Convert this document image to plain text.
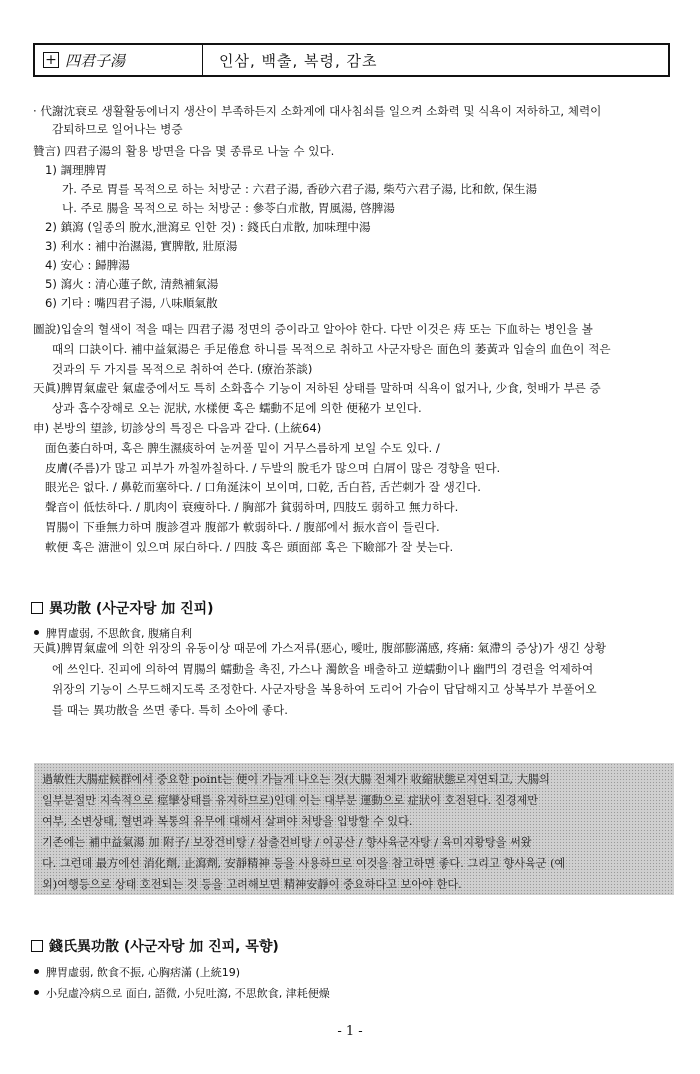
+ 四君子湯	인삼, 백출, 복령, 감초
· 代謝沈衰로 생활활동에너지 생산이 부족하든지 소화계에 대사침쇠를 일으켜 소화력 및 식욕이 저하하고, 체력이
감퇴하므로 일어나는 병증
贊言) 四君子湯의 활용 방면을 다음 몇 종류로 나눌 수 있다.
1) 調理脾胃
가. 주로 胃를 목적으로 하는 처방군 : 六君子湯, 香砂六君子湯, 柴芍六君子湯, 比和飲, 保生湯
나. 주로 腸을 목적으로 하는 처방군 : 參苓白朮散, 胃風湯, 啓脾湯
2) 鎮瀉 (일종의 脫水,泄瀉로 인한 것) : 錢氏白朮散, 加味理中湯
3) 利水 : 補中治濕湯, 實脾散, 壯原湯
4) 安心 : 歸脾湯
5) 瀉火 : 清心蓮子飲, 清熱補氣湯
6) 기타 : 嘴四君子湯, 八味順氣散
圖說)입술의 혈색이 적을 때는 四君子湯 정면의 증이라고 알아야 한다. 다만 이것은 痔 또는 下血하는 병인을 볼
때의 口訣이다. 補中益氣湯은 手足倦怠 하니를 목적으로 취하고 사군자탕은 面色의 萎黃과 입술의 血色이 적은
것과의 두 가지를 목적으로 취하여 쓴다. (療治茶談)
天眞)脾胃氣虛란 氣虛중에서도 특히 소화흡수 기능이 저하된 상태를 말하며 식욕이 없거나, 少食, 헛배가 부른 증
상과 흡수장해로 오는 泥狀, 水樣便 혹은 蠕動不足에 의한 便秘가 보인다.
申) 본방의 望診, 切診상의 특징은 다음과 같다. (上統64)
面色萎白하며, 혹은 脾生濕痰하여 눈꺼풀 밑이 거무스름하게 보일 수도 있다. /
皮膚(주름)가 많고 피부가 까칠까칠하다. / 두발의 脫毛가 많으며 白屑이 많은 경향을 띤다.
眼光은 없다. / 鼻乾而塞하다. / 口角涎沫이 보이며, 口乾, 舌白苔, 舌芒刺가 잘 생긴다.
聲音이 低怯하다. / 肌肉이 衰瘦하다. / 胸部가 貧弱하며, 四肢도 弱하고 無力하다.
胃腸이 下垂無力하며 腹診결과 腹部가 軟弱하다. / 腹部에서 振水音이 들린다.
軟便 혹은 溏泄이 있으며 尿白하다. / 四肢 혹은 頭面部 혹은 下瞼部가 잘 붓는다.
異功散 (사군자탕 加 진피)
脾胃虛弱, 不思飲食, 腹痛自利
天眞)脾胃氣虛에 의한 위장의 유동이상 때문에 가스저류(惡心, 噯吐, 腹部膨滿感, 疼痛: 氣滯의 증상)가 생긴 상황
에 쓰인다. 진피에 의하여 胃腸의 蠕動을 촉진, 가스나 濁飲을 배출하고 逆蠕動이나 幽門의 경련을 억제하여
위장의 기능이 스무드해지도록 조정한다. 사군자탕을 복용하여 도리어 가슴이 답답해지고 상복부가 부풀어오
를 때는 異功散을 쓰면 좋다. 특히 소아에 좋다.
過敏性大腸症候群에서 중요한 point는 便이 가늘게 나오는 것(大腸 전체가 收縮狀態로지연되고, 大腸의
일부분절만 지속적으로 痙攣상태를 유지하므로)인데 이는 대부분 運動으로 症狀이 호전된다. 진경제만
여부, 소변상태, 혈변과 복통의 유무에 대해서 살펴야 처방을 입방할 수 있다.
기존에는 補中益氣湯 加 附子/ 보장건비탕 / 삼출건비탕 / 이공산 / 향사육군자탕 / 육미지황탕을 써왔
다. 그런데 最方에선 消化劑, 止瀉劑, 安靜精神 등을 사용하므로 이것을 참고하면 좋다. 그리고 향사육군 (예
외)여행등으로 상태 호전되는 것 등을 고려해보면 精神安靜이 중요하다고 보아야 한다.
錢氏異功散 (사군자탕 加 진피, 목향)
脾胃虛弱, 飲食不振, 心胸痞滿 (上統19)
小兒虛冷病으로 面白, 語微, 小兒吐瀉, 不思飲食, 津耗便燥
- 1 -
